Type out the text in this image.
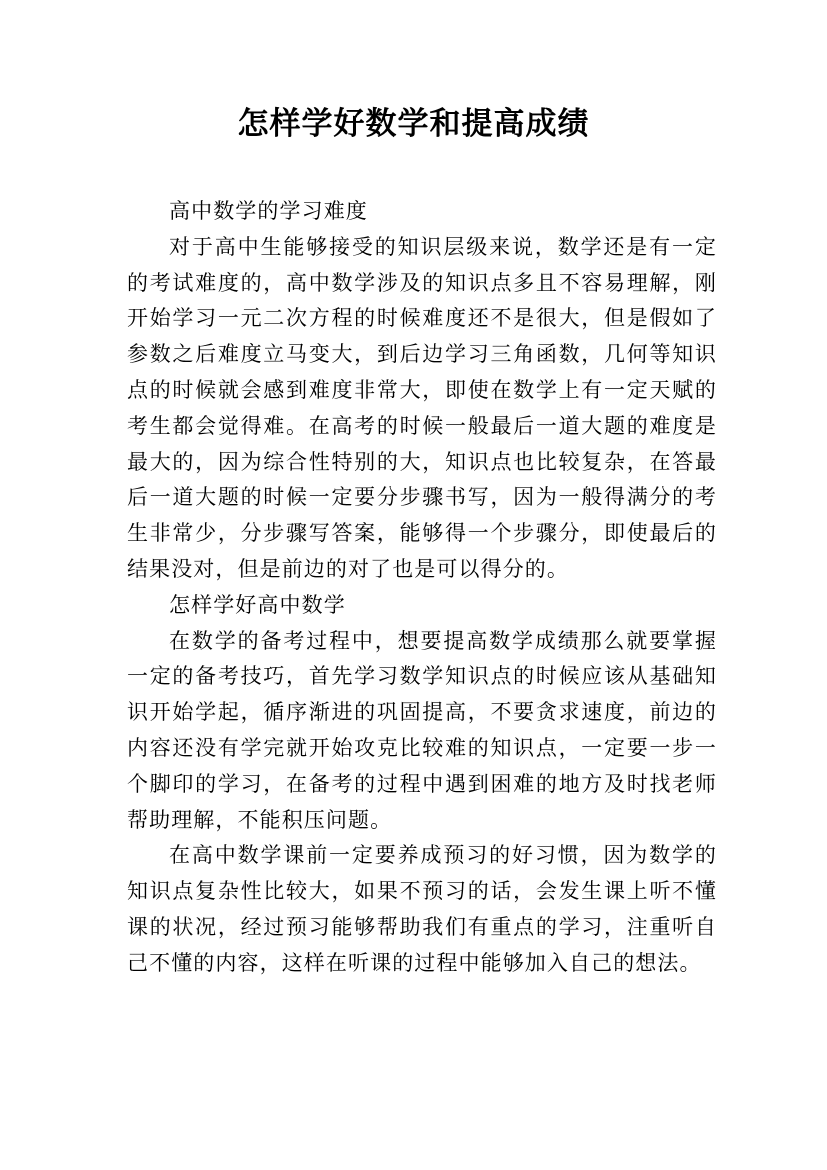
怎样学好数学和提高成绩

高中数学的学习难度

对于高中生能够接受的知识层级来说，数学还是有一定的考试难度的，高中数学涉及的知识点多且不容易理解，刚开始学习一元二次方程的时候难度还不是很大，但是假如了参数之后难度立马变大，到后边学习三角函数，几何等知识点的时候就会感到难度非常大，即使在数学上有一定天赋的考生都会觉得难。在高考的时候一般最后一道大题的难度是最大的，因为综合性特别的大，知识点也比较复杂，在答最后一道大题的时候一定要分步骤书写，因为一般得满分的考生非常少，分步骤写答案，能够得一个步骤分，即使最后的结果没对，但是前边的对了也是可以得分的。

怎样学好高中数学

在数学的备考过程中，想要提高数学成绩那么就要掌握一定的备考技巧，首先学习数学知识点的时候应该从基础知识开始学起，循序渐进的巩固提高，不要贪求速度，前边的内容还没有学完就开始攻克比较难的知识点，一定要一步一个脚印的学习，在备考的过程中遇到困难的地方及时找老师帮助理解，不能积压问题。

在高中数学课前一定要养成预习的好习惯，因为数学的知识点复杂性比较大，如果不预习的话，会发生课上听不懂课的状况，经过预习能够帮助我们有重点的学习，注重听自己不懂的内容，这样在听课的过程中能够加入自己的想法。
